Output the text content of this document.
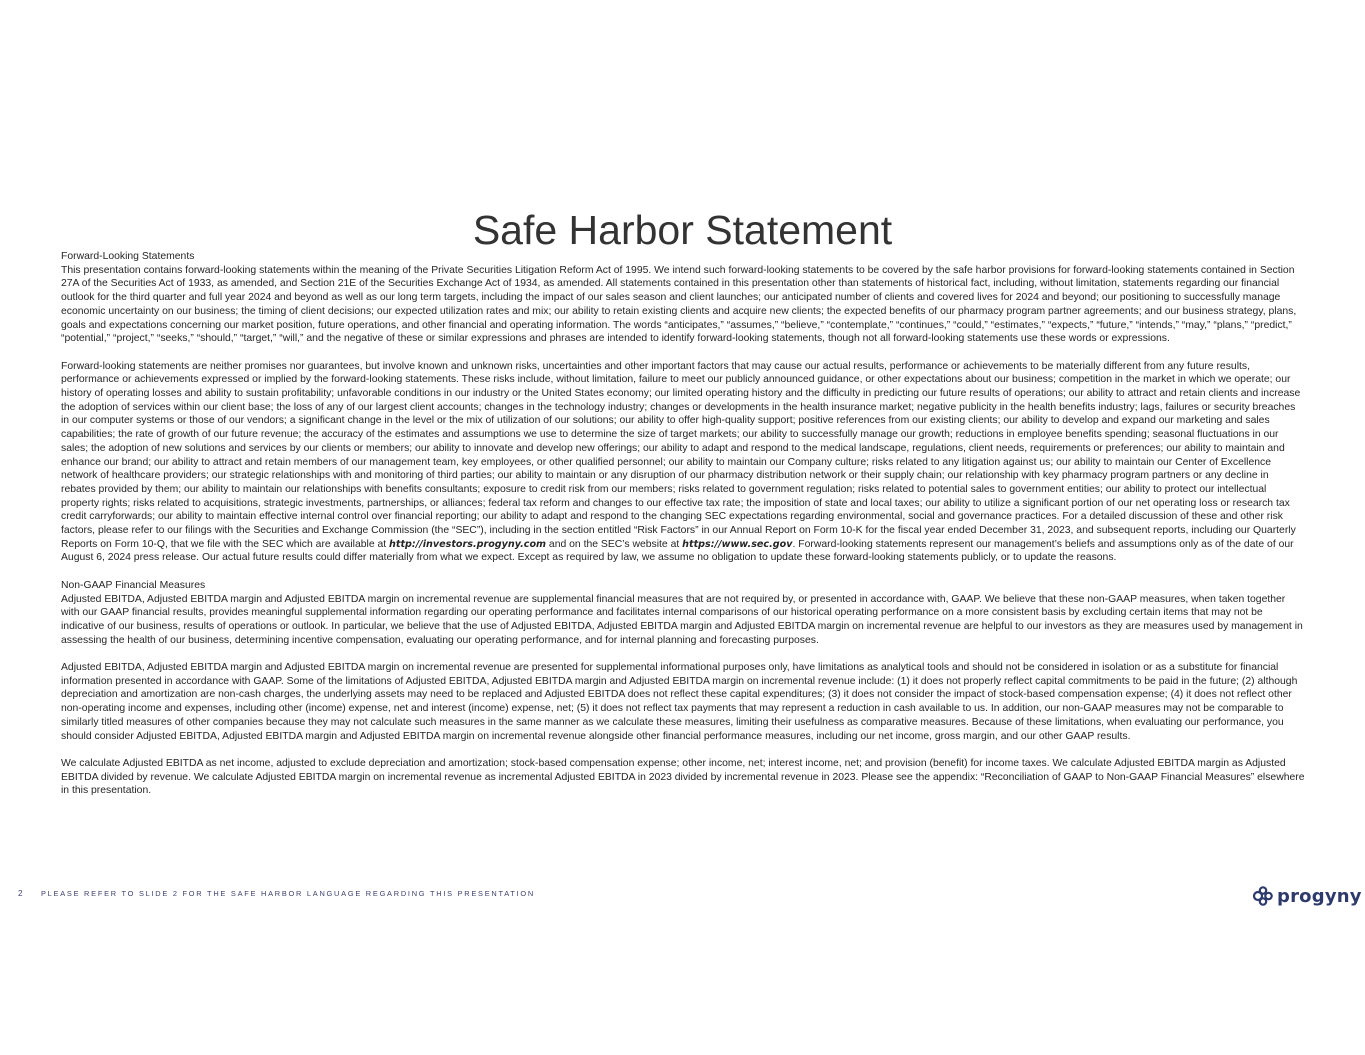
Safe Harbor Statement
Forward-Looking Statements

This presentation contains forward-looking statements within the meaning of the Private Securities Litigation Reform Act of 1995. We intend such forward-looking statements to be covered by the safe harbor provisions for forward-looking statements contained in Section 27A of the Securities Act of 1933, as amended, and Section 21E of the Securities Exchange Act of 1934, as amended. All statements contained in this presentation other than statements of historical fact, including, without limitation, statements regarding our financial outlook for the third quarter and full year 2024 and beyond as well as our long term targets, including the impact of our sales season and client launches; our anticipated number of clients and covered lives for 2024 and beyond; our positioning to successfully manage economic uncertainty on our business; the timing of client decisions; our expected utilization rates and mix; our ability to retain existing clients and acquire new clients; the expected benefits of our pharmacy program partner agreements; and our business strategy, plans, goals and expectations concerning our market position, future operations, and other financial and operating information. The words “anticipates,” “assumes,” “believe,” “contemplate,” “continues,” “could,” “estimates,” “expects,” “future,” “intends,” “may,” “plans,” “predict,” “potential,” “project,” “seeks,” “should,” “target,” “will,” and the negative of these or similar expressions and phrases are intended to identify forward-looking statements, though not all forward-looking statements use these words or expressions.

Forward-looking statements are neither promises nor guarantees, but involve known and unknown risks, uncertainties and other important factors that may cause our actual results, performance or achievements to be materially different from any future results, performance or achievements expressed or implied by the forward-looking statements. These risks include, without limitation, failure to meet our publicly announced guidance, or other expectations about our business; competition in the market in which we operate; our history of operating losses and ability to sustain profitability; unfavorable conditions in our industry or the United States economy; our limited operating history and the difficulty in predicting our future results of operations; our ability to attract and retain clients and increase the adoption of services within our client base; the loss of any of our largest client accounts; changes in the technology industry; changes or developments in the health insurance market; negative publicity in the health benefits industry; lags, failures or security breaches in our computer systems or those of our vendors; a significant change in the level or the mix of utilization of our solutions; our ability to offer high-quality support; positive references from our existing clients; our ability to develop and expand our marketing and sales capabilities; the rate of growth of our future revenue; the accuracy of the estimates and assumptions we use to determine the size of target markets; our ability to successfully manage our growth; reductions in employee benefits spending; seasonal fluctuations in our sales; the adoption of new solutions and services by our clients or members; our ability to innovate and develop new offerings; our ability to adapt and respond to the medical landscape, regulations, client needs, requirements or preferences; our ability to maintain and enhance our brand; our ability to attract and retain members of our management team, key employees, or other qualified personnel; our ability to maintain our Company culture; risks related to any litigation against us; our ability to maintain our Center of Excellence network of healthcare providers; our strategic relationships with and monitoring of third parties; our ability to maintain or any disruption of our pharmacy distribution network or their supply chain; our relationship with key pharmacy program partners or any decline in rebates provided by them; our ability to maintain our relationships with benefits consultants; exposure to credit risk from our members; risks related to government regulation; risks related to potential sales to government entities; our ability to protect our intellectual property rights; risks related to acquisitions, strategic investments, partnerships, or alliances; federal tax reform and changes to our effective tax rate; the imposition of state and local taxes; our ability to utilize a significant portion of our net operating loss or research tax credit carryforwards; our ability to maintain effective internal control over financial reporting; our ability to adapt and respond to the changing SEC expectations regarding environmental, social and governance practices. For a detailed discussion of these and other risk factors, please refer to our filings with the Securities and Exchange Commission (the “SEC”), including in the section entitled “Risk Factors” in our Annual Report on Form 10-K for the fiscal year ended December 31, 2023, and subsequent reports, including our Quarterly Reports on Form 10-Q, that we file with the SEC which are available at http://investors.progyny.com and on the SEC’s website at https://www.sec.gov. Forward-looking statements represent our management’s beliefs and assumptions only as of the date of our August 6, 2024 press release. Our actual future results could differ materially from what we expect. Except as required by law, we assume no obligation to update these forward-looking statements publicly, or to update the reasons.

Non-GAAP Financial Measures

Adjusted EBITDA, Adjusted EBITDA margin and Adjusted EBITDA margin on incremental revenue are supplemental financial measures that are not required by, or presented in accordance with, GAAP. We believe that these non-GAAP measures, when taken together with our GAAP financial results, provides meaningful supplemental information regarding our operating performance and facilitates internal comparisons of our historical operating performance on a more consistent basis by excluding certain items that may not be indicative of our business, results of operations or outlook. In particular, we believe that the use of Adjusted EBITDA, Adjusted EBITDA margin and Adjusted EBITDA margin on incremental revenue are helpful to our investors as they are measures used by management in assessing the health of our business, determining incentive compensation, evaluating our operating performance, and for internal planning and forecasting purposes.

Adjusted EBITDA, Adjusted EBITDA margin and Adjusted EBITDA margin on incremental revenue are presented for supplemental informational purposes only, have limitations as analytical tools and should not be considered in isolation or as a substitute for financial information presented in accordance with GAAP. Some of the limitations of Adjusted EBITDA, Adjusted EBITDA margin and Adjusted EBITDA margin on incremental revenue include: (1) it does not properly reflect capital commitments to be paid in the future; (2) although depreciation and amortization are non-cash charges, the underlying assets may need to be replaced and Adjusted EBITDA does not reflect these capital expenditures; (3) it does not consider the impact of stock-based compensation expense; (4) it does not reflect other non-operating income and expenses, including other (income) expense, net and interest (income) expense, net; (5) it does not reflect tax payments that may represent a reduction in cash available to us. In addition, our non-GAAP measures may not be comparable to similarly titled measures of other companies because they may not calculate such measures in the same manner as we calculate these measures, limiting their usefulness as comparative measures. Because of these limitations, when evaluating our performance, you should consider Adjusted EBITDA, Adjusted EBITDA margin and Adjusted EBITDA margin on incremental revenue alongside other financial performance measures, including our net income, gross margin, and our other GAAP results.

We calculate Adjusted EBITDA as net income, adjusted to exclude depreciation and amortization; stock-based compensation expense; other income, net; interest income, net; and provision (benefit) for income taxes. We calculate Adjusted EBITDA margin as Adjusted EBITDA divided by revenue. We calculate Adjusted EBITDA margin on incremental revenue as incremental Adjusted EBITDA in 2023 divided by incremental revenue in 2023. Please see the appendix: “Reconciliation of GAAP to Non-GAAP Financial Measures” elsewhere in this presentation.

2	PLEASE REFER TO SLIDE 2 FOR THE SAFE HARBOR LANGUAGE REGARDING THIS PRESENTATION	progyny
